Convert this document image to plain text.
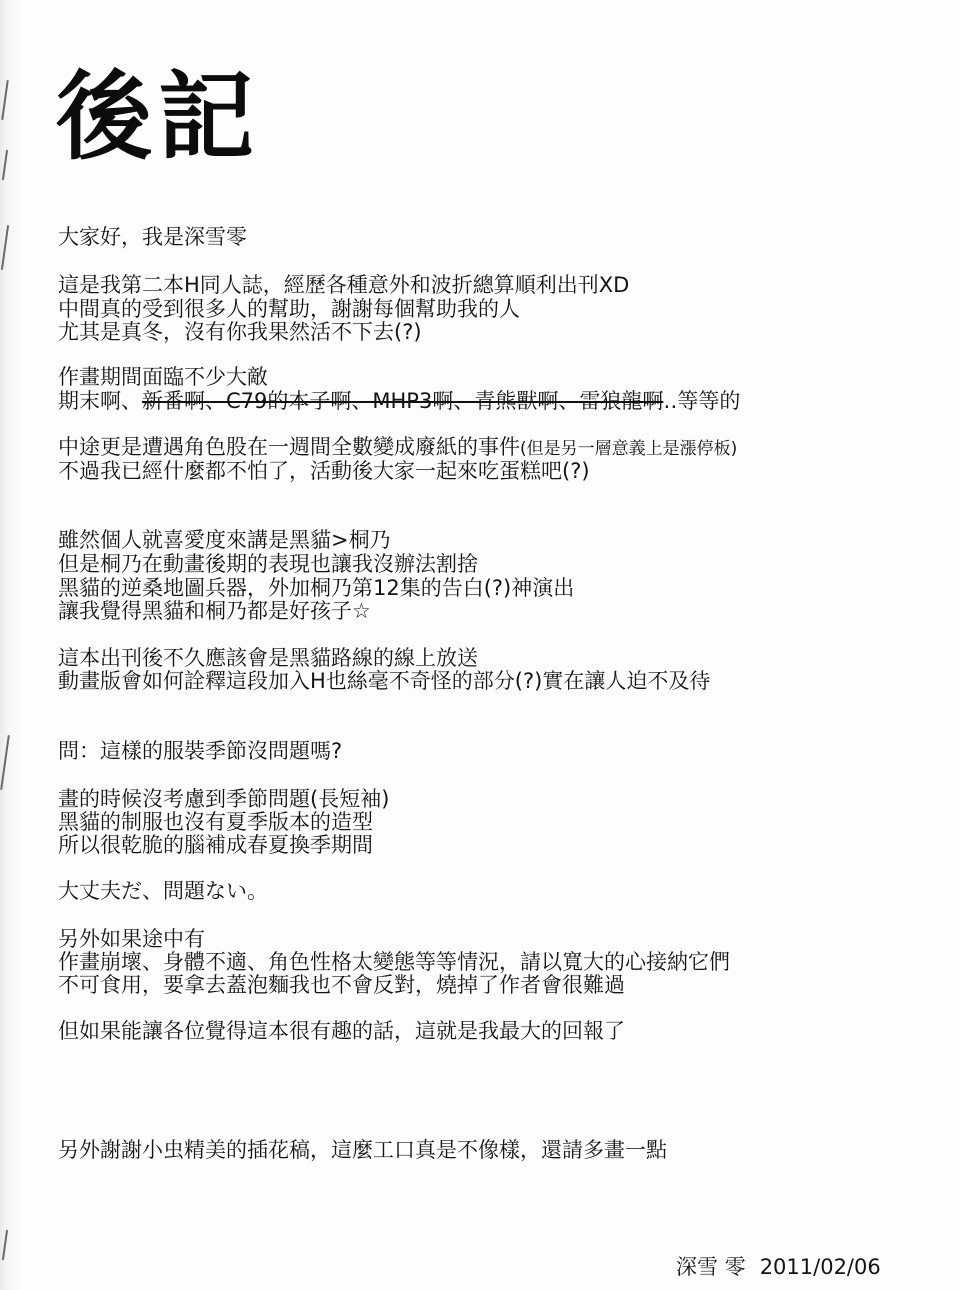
後記
大家好，我是深雪零
這是我第二本H同人誌，經歷各種意外和波折總算順利出刊XD
中間真的受到很多人的幫助，謝謝每個幫助我的人
尤其是真冬，沒有你我果然活不下去(?)
作畫期間面臨不少大敵
期末啊、新番啊、C79的本子啊、MHP3啊、青熊獸啊、雷狼龍啊‥等等的
中途更是遭遇角色股在一週間全數變成廢紙的事件(但是另一層意義上是漲停板)
不過我已經什麼都不怕了，活動後大家一起來吃蛋糕吧(?)
雖然個人就喜愛度來講是黑貓>桐乃
但是桐乃在動畫後期的表現也讓我沒辦法割捨
黑貓的逆桑地圖兵器，外加桐乃第12集的告白(?)神演出
讓我覺得黑貓和桐乃都是好孩子☆
這本出刊後不久應該會是黑貓路線的線上放送
動畫版會如何詮釋這段加入H也絲毫不奇怪的部分(?)實在讓人迫不及待
問：這樣的服裝季節沒問題嗎?
畫的時候沒考慮到季節問題(長短袖)
黑貓的制服也沒有夏季版本的造型
所以很乾脆的腦補成春夏換季期間
大丈夫だ、問題ない。
另外如果途中有
作畫崩壞、身體不適、角色性格太變態等等情況，請以寬大的心接納它們
不可食用，要拿去蓋泡麵我也不會反對，燒掉了作者會很難過
但如果能讓各位覺得這本很有趣的話，這就是我最大的回報了
另外謝謝小虫精美的插花稿，這麼工口真是不像樣，還請多畫一點
深雪 零 2011/02/06
